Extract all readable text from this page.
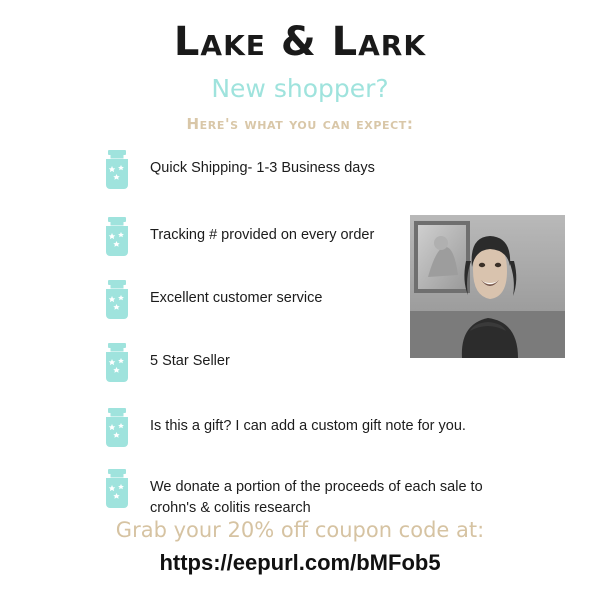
Lake & Lark
New shopper?
Here's what you can expect:
Quick Shipping- 1-3 Business days
Tracking # provided on every order
Excellent customer service
5 Star Seller
Is this a gift? I can add a custom gift note for you.
We donate a portion of the proceeds of each sale to crohn's & colitis research
Grab your 20% off coupon code at:
https://eepurl.com/bMFob5
